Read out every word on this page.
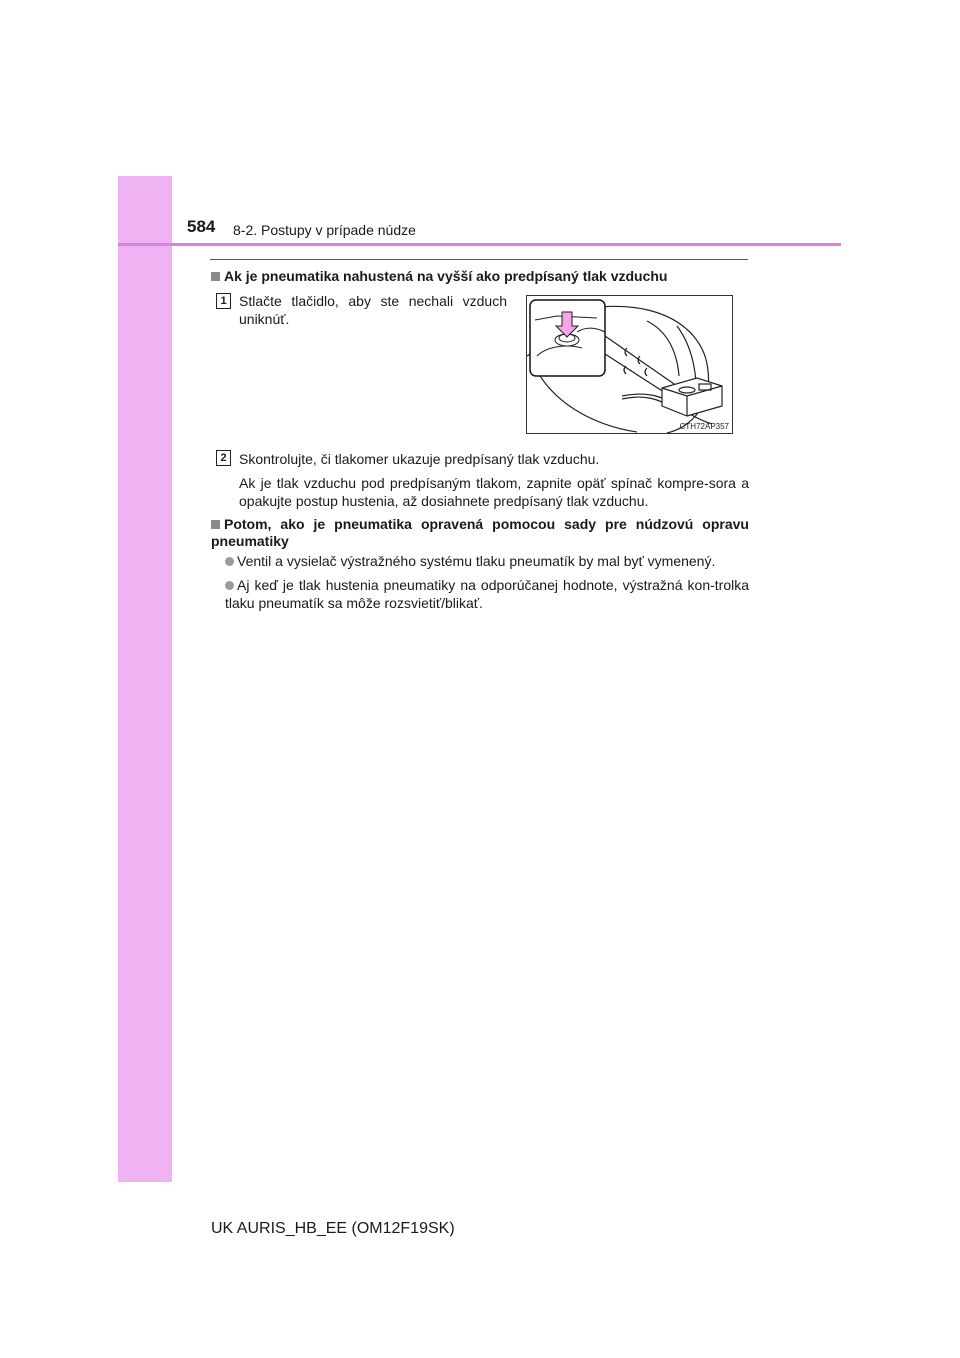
584 8-2. Postupy v prípade núdze
Ak je pneumatika nahustená na vyšší ako predpísaný tlak vzduchu
1 Stlačte tlačidlo, aby ste nechali vzduch uniknúť.
CTH72AP357
2 Skontrolujte, či tlakomer ukazuje predpísaný tlak vzduchu.
Ak je tlak vzduchu pod predpísaným tlakom, zapnite opäť spínač kompre-sora a opakujte postup hustenia, až dosiahnete predpísaný tlak vzduchu.
Potom, ako je pneumatika opravená pomocou sady pre núdzovú opravu pneumatiky
Ventil a vysielač výstražného systému tlaku pneumatík by mal byť vymenený.
Aj keď je tlak hustenia pneumatiky na odporúčanej hodnote, výstražná kon-trolka tlaku pneumatík sa môže rozsvietiť/blikať.
UK AURIS_HB_EE (OM12F19SK)
